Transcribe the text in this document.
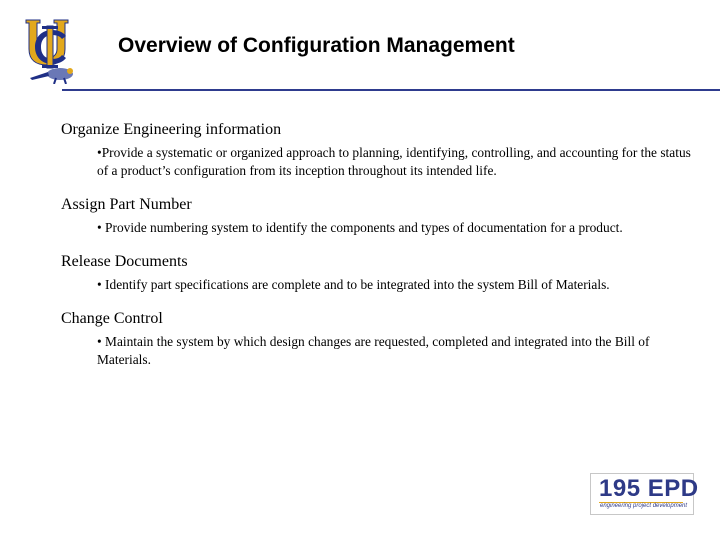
Overview of Configuration Management
Organize Engineering information
•Provide a systematic or organized approach to planning, identifying, controlling, and accounting for the status of a product’s configuration from its inception throughout its intended life.
Assign Part Number
• Provide numbering system to identify the components and types of documentation for a product.
Release Documents
• Identify part specifications are complete and to be integrated into the system Bill of Materials.
Change Control
• Maintain the system by which design changes are requested, completed and integrated into the Bill of Materials.
195 EPD
engineering project development
